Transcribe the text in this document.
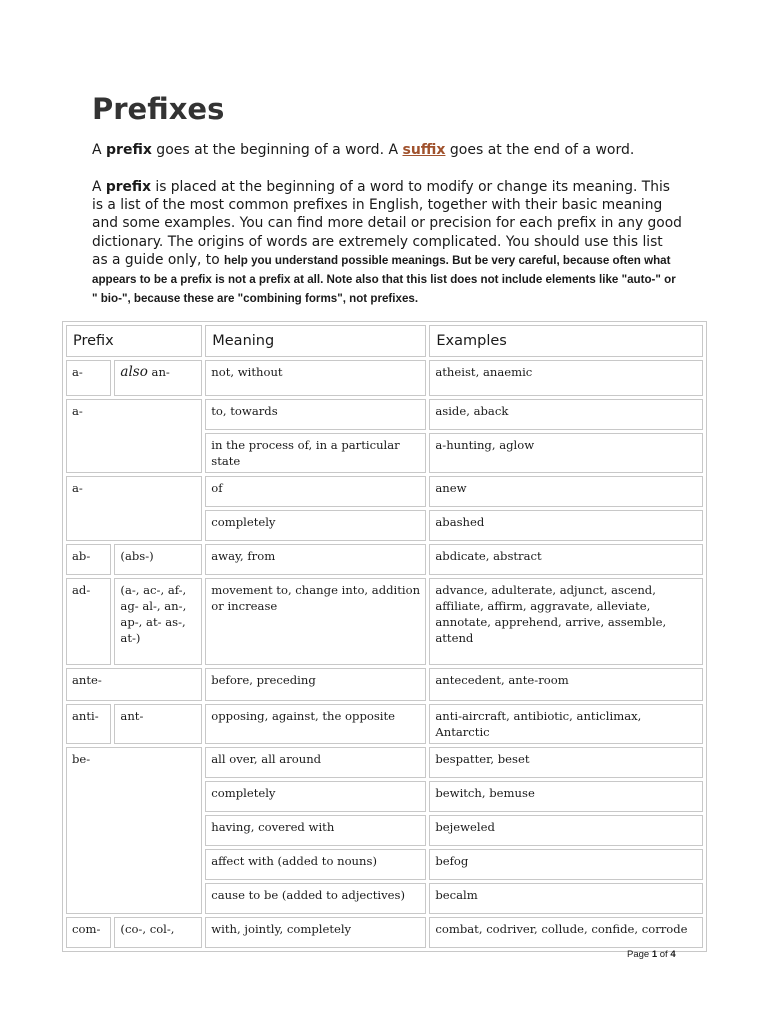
Prefixes

A prefix goes at the beginning of a word. A suffix goes at the end of a word.

A prefix is placed at the beginning of a word to modify or change its meaning. This is a list of the most common prefixes in English, together with their basic meaning and some examples. You can find more detail or precision for each prefix in any good dictionary. The origins of words are extremely complicated. You should use this list as a guide only, to help you understand possible meanings. But be very careful, because often what appears to be a prefix is not a prefix at all. Note also that this list does not include elements like "auto-" or " bio-", because these are "combining forms", not prefixes.

Prefix		Meaning	Examples
a-	also an-	not, without	atheist, anaemic
a-		to, towards	aside, aback
		in the process of, in a particular state	a-hunting, aglow
a-		of	anew
		completely	abashed
ab-	(abs-)	away, from	abdicate, abstract
ad-	(a-, ac-, af-, ag- al-, an-, ap-, at- as-, at-)	movement to, change into, addition or increase	advance, adulterate, adjunct, ascend, affiliate, affirm, aggravate, alleviate, annotate, apprehend, arrive, assemble, attend
ante-		before, preceding	antecedent, ante-room
anti-	ant-	opposing, against, the opposite	anti-aircraft, antibiotic, anticlimax, Antarctic
be-		all over, all around	bespatter, beset
		completely	bewitch, bemuse
		having, covered with	bejeweled
		affect with (added to nouns)	befog
		cause to be (added to adjectives)	becalm
com-	(co-, col-,	with, jointly, completely	combat, codriver, collude, confide, corrode
Page 1 of 4
